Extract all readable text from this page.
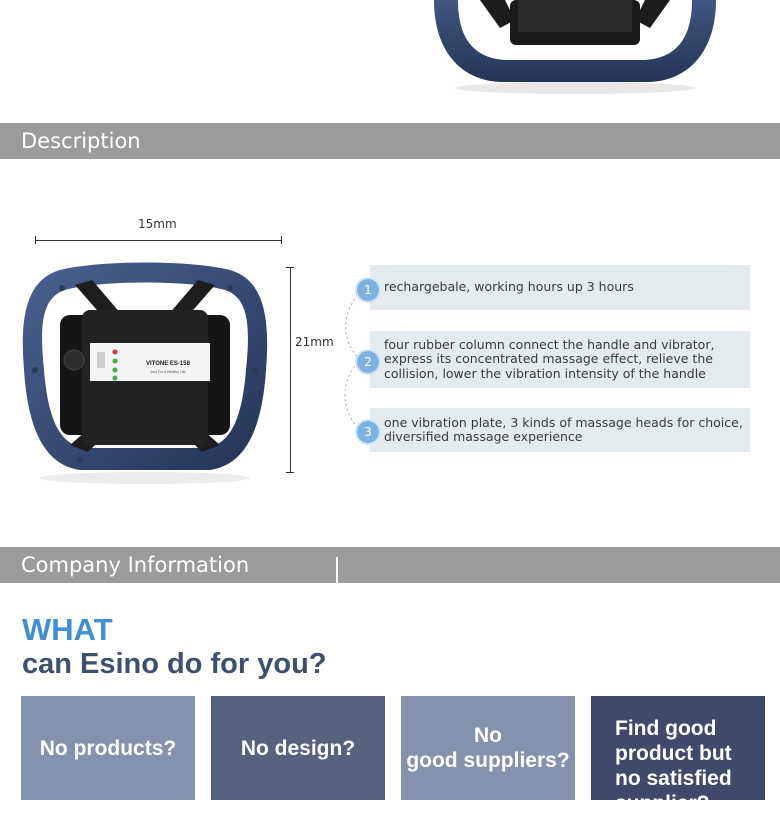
Description
15mm
21mm
VITONE ES-158
Just For A Healthy Life
rechargebale, working hours up 3 hours
four rubber column connect the handle and vibrator, express its concentrated massage effect, relieve the collision, lower the vibration intensity of the handle
one vibration plate, 3 kinds of massage heads for choice, diversified massage experience
1
2
3
Company Information
WHAT
can Esino do for you?
No products?	No design?
No
good suppliers?
Find good
product but
no satisfied
supplier?
